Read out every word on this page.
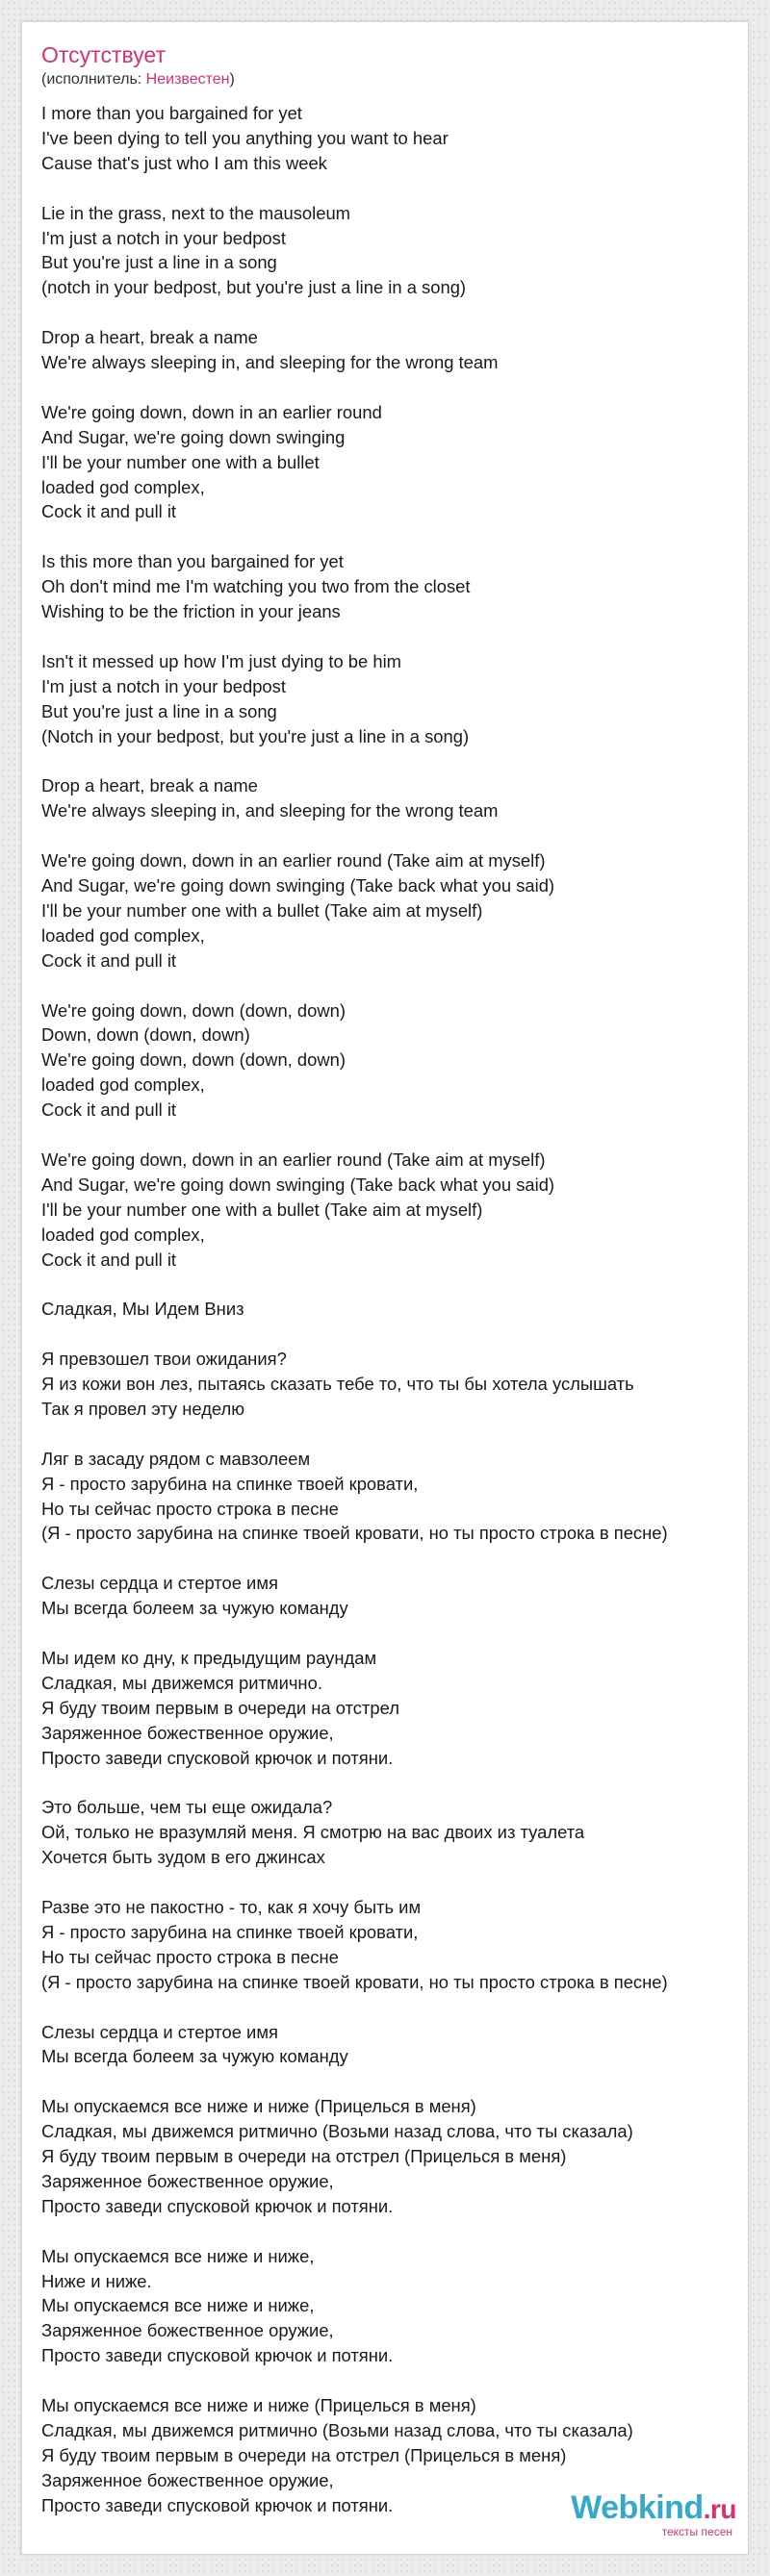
Отсутствует
(исполнитель: Неизвестен)
I more than you bargained for yet
I've been dying to tell you anything you want to hear
Cause that's just who I am this week
Lie in the grass, next to the mausoleum
I'm just a notch in your bedpost
But you're just a line in a song
(notch in your bedpost, but you're just a line in a song)
Drop a heart, break a name
We're always sleeping in, and sleeping for the wrong team
We're going down, down in an earlier round
And Sugar, we're going down swinging
I'll be your number one with a bullet
loaded god complex,
Cock it and pull it
Is this more than you bargained for yet
Oh don't mind me I'm watching you two from the closet
Wishing to be the friction in your jeans
Isn't it messed up how I'm just dying to be him
I'm just a notch in your bedpost
But you're just a line in a song
(Notch in your bedpost, but you're just a line in a song)
Drop a heart, break a name
We're always sleeping in, and sleeping for the wrong team
We're going down, down in an earlier round (Take aim at myself)
And Sugar, we're going down swinging (Take back what you said)
I'll be your number one with a bullet (Take aim at myself)
loaded god complex,
Cock it and pull it
We're going down, down (down, down)
Down, down (down, down)
We're going down, down (down, down)
loaded god complex,
Cock it and pull it
We're going down, down in an earlier round (Take aim at myself)
And Sugar, we're going down swinging (Take back what you said)
I'll be your number one with a bullet (Take aim at myself)
loaded god complex,
Cock it and pull it
Сладкая, Мы Идем Вниз
Я превзошел твои ожидания?
Я из кожи вон лез, пытаясь сказать тебе то, что ты бы хотела услышать
Так я провел эту неделю
Ляг в засаду рядом с мавзолеем
Я - просто зарубина на спинке твоей кровати,
Но ты сейчас просто строка в песне
(Я - просто зарубина на спинке твоей кровати, но ты просто строка в песне)
Слезы сердца и стертое имя
Мы всегда болеем за чужую команду
Мы идем ко дну, к предыдущим раундам
Сладкая, мы движемся ритмично.
Я буду твоим первым в очереди на отстрел
Заряженное божественное оружие,
Просто заведи спусковой крючок и потяни.
Это больше, чем ты еще ожидала?
Ой, только не вразумляй меня. Я смотрю на вас двоих из туалета
Хочется быть зудом в его джинсах
Разве это не пакостно - то, как я хочу быть им
Я - просто зарубина на спинке твоей кровати,
Но ты сейчас просто строка в песне
(Я - просто зарубина на спинке твоей кровати, но ты просто строка в песне)
Слезы сердца и стертое имя
Мы всегда болеем за чужую команду
Мы опускаемся все ниже и ниже (Прицелься в меня)
Сладкая, мы движемся ритмично (Возьми назад слова, что ты сказала)
Я буду твоим первым в очереди на отстрел (Прицелься в меня)
Заряженное божественное оружие,
Просто заведи спусковой крючок и потяни.
Мы опускаемся все ниже и ниже,
Ниже и ниже.
Мы опускаемся все ниже и ниже,
Заряженное божественное оружие,
Просто заведи спусковой крючок и потяни.
Мы опускаемся все ниже и ниже (Прицелься в меня)
Сладкая, мы движемся ритмично (Возьми назад слова, что ты сказала)
Я буду твоим первым в очереди на отстрел (Прицелься в меня)
Заряженное божественное оружие,
Просто заведи спусковой крючок и потяни.	Webkind.ru
тексты песен
